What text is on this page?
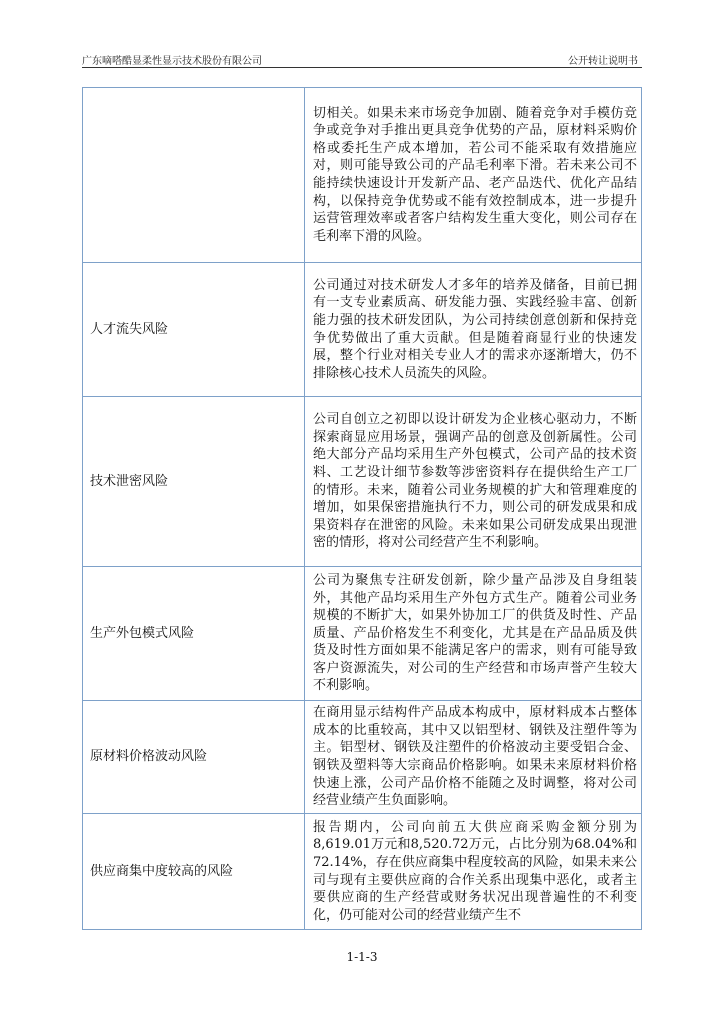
广东嘀嗒酷显柔性显示技术股份有限公司	公开转让说明书
	切相关。如果未来市场竞争加剧、随着竞争对手模仿竞争或竞争对手推出更具竞争优势的产品，原材料采购价格或委托生产成本增加，若公司不能采取有效措施应对，则可能导致公司的产品毛利率下滑。若未来公司不能持续快速设计开发新产品、老产品迭代、优化产品结构，以保持竞争优势或不能有效控制成本，进一步提升运营管理效率或者客户结构发生重大变化，则公司存在毛利率下滑的风险。
人才流失风险	公司通过对技术研发人才多年的培养及储备，目前已拥有一支专业素质高、研发能力强、实践经验丰富、创新能力强的技术研发团队，为公司持续创意创新和保持竞争优势做出了重大贡献。但是随着商显行业的快速发展，整个行业对相关专业人才的需求亦逐渐增大，仍不排除核心技术人员流失的风险。
技术泄密风险	公司自创立之初即以设计研发为企业核心驱动力，不断探索商显应用场景，强调产品的创意及创新属性。公司绝大部分产品均采用生产外包模式，公司产品的技术资料、工艺设计细节参数等涉密资料存在提供给生产工厂的情形。未来，随着公司业务规模的扩大和管理难度的增加，如果保密措施执行不力，则公司的研发成果和成果资料存在泄密的风险。未来如果公司研发成果出现泄密的情形，将对公司经营产生不利影响。
生产外包模式风险	公司为聚焦专注研发创新，除少量产品涉及自身组装外，其他产品均采用生产外包方式生产。随着公司业务规模的不断扩大，如果外协加工厂的供货及时性、产品质量、产品价格发生不利变化，尤其是在产品品质及供货及时性方面如果不能满足客户的需求，则有可能导致客户资源流失，对公司的生产经营和市场声誉产生较大不利影响。
原材料价格波动风险	在商用显示结构件产品成本构成中，原材料成本占整体成本的比重较高，其中又以铝型材、钢铁及注塑件等为主。铝型材、钢铁及注塑件的价格波动主要受铝合金、钢铁及塑料等大宗商品价格影响。如果未来原材料价格快速上涨，公司产品价格不能随之及时调整，将对公司经营业绩产生负面影响。
供应商集中度较高的风险	报告期内，公司向前五大供应商采购金额分别为8,619.01万元和8,520.72万元，占比分别为68.04%和72.14%，存在供应商集中程度较高的风险，如果未来公司与现有主要供应商的合作关系出现集中恶化，或者主要供应商的生产经营或财务状况出现普遍性的不利变化，仍可能对公司的经营业绩产生不
1-1-3
